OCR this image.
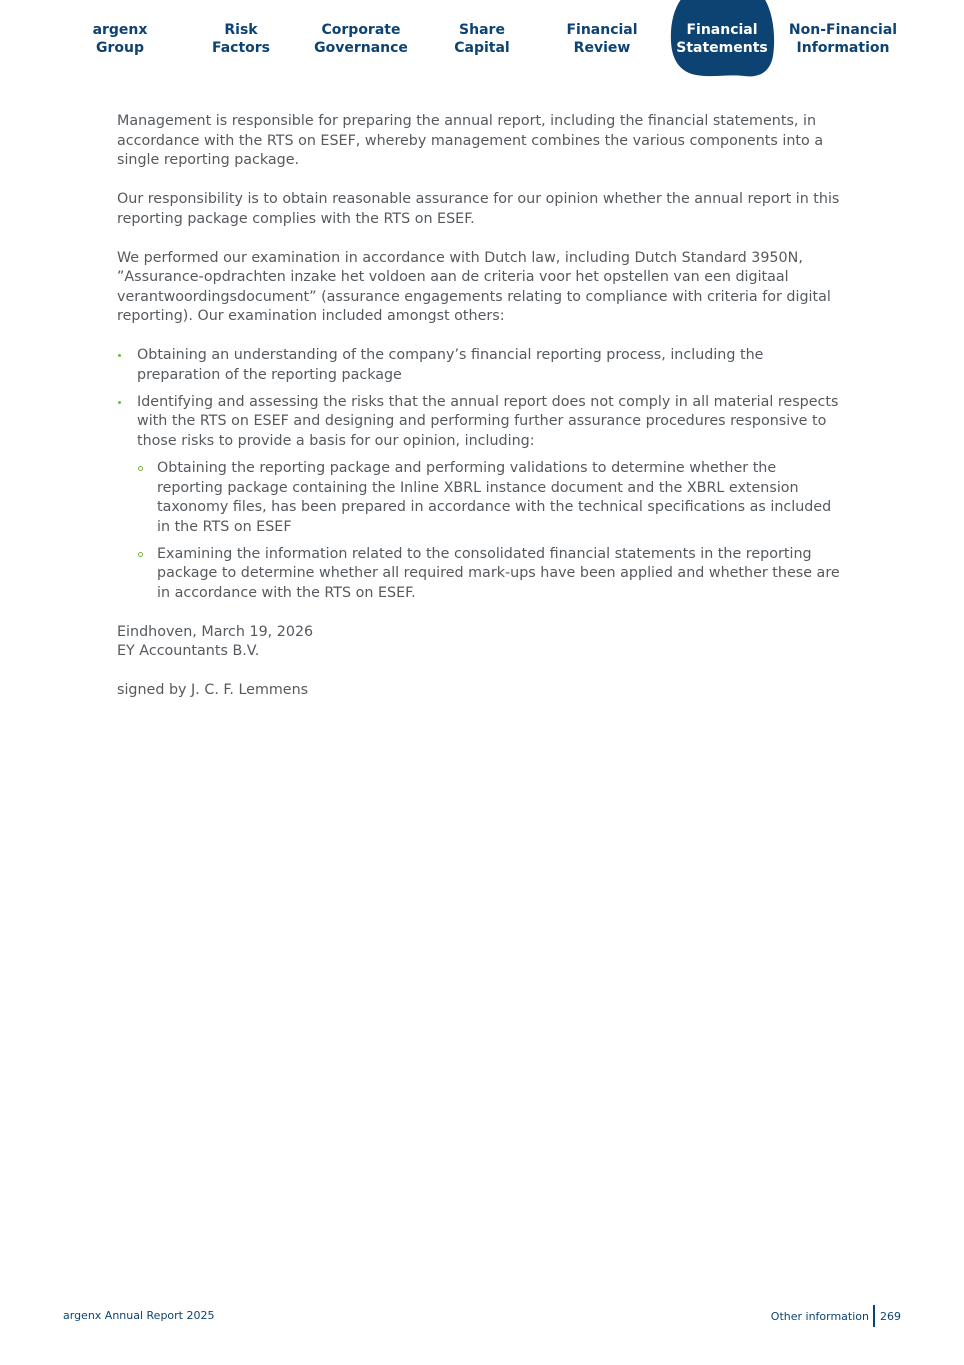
argenx
Group
Risk
Factors
Corporate
Governance
Share
Capital
Financial
Review
Financial
Statements
Non-Financial
Information

Management is responsible for preparing the annual report, including the financial statements, in accordance with the RTS on ESEF, whereby management combines the various components into a single reporting package.

Our responsibility is to obtain reasonable assurance for our opinion whether the annual report in this reporting package complies with the RTS on ESEF.

We performed our examination in accordance with Dutch law, including Dutch Standard 3950N, ”Assurance-opdrachten inzake het voldoen aan de criteria voor het opstellen van een digitaal verantwoordingsdocument” (assurance engagements relating to compliance with criteria for digital reporting). Our examination included amongst others:

Obtaining an understanding of the company’s financial reporting process, including the preparation of the reporting package
Identifying and assessing the risks that the annual report does not comply in all material respects with the RTS on ESEF and designing and performing further assurance procedures responsive to those risks to provide a basis for our opinion, including:
Obtaining the reporting package and performing validations to determine whether the reporting package containing the Inline XBRL instance document and the XBRL extension taxonomy files, has been prepared in accordance with the technical specifications as included in the RTS on ESEF
Examining the information related to the consolidated financial statements in the reporting package to determine whether all required mark-ups have been applied and whether these are in accordance with the RTS on ESEF.
Eindhoven, March 19, 2026
EY Accountants B.V.

signed by J. C. F. Lemmens

argenx Annual Report 2025	Other information 269
